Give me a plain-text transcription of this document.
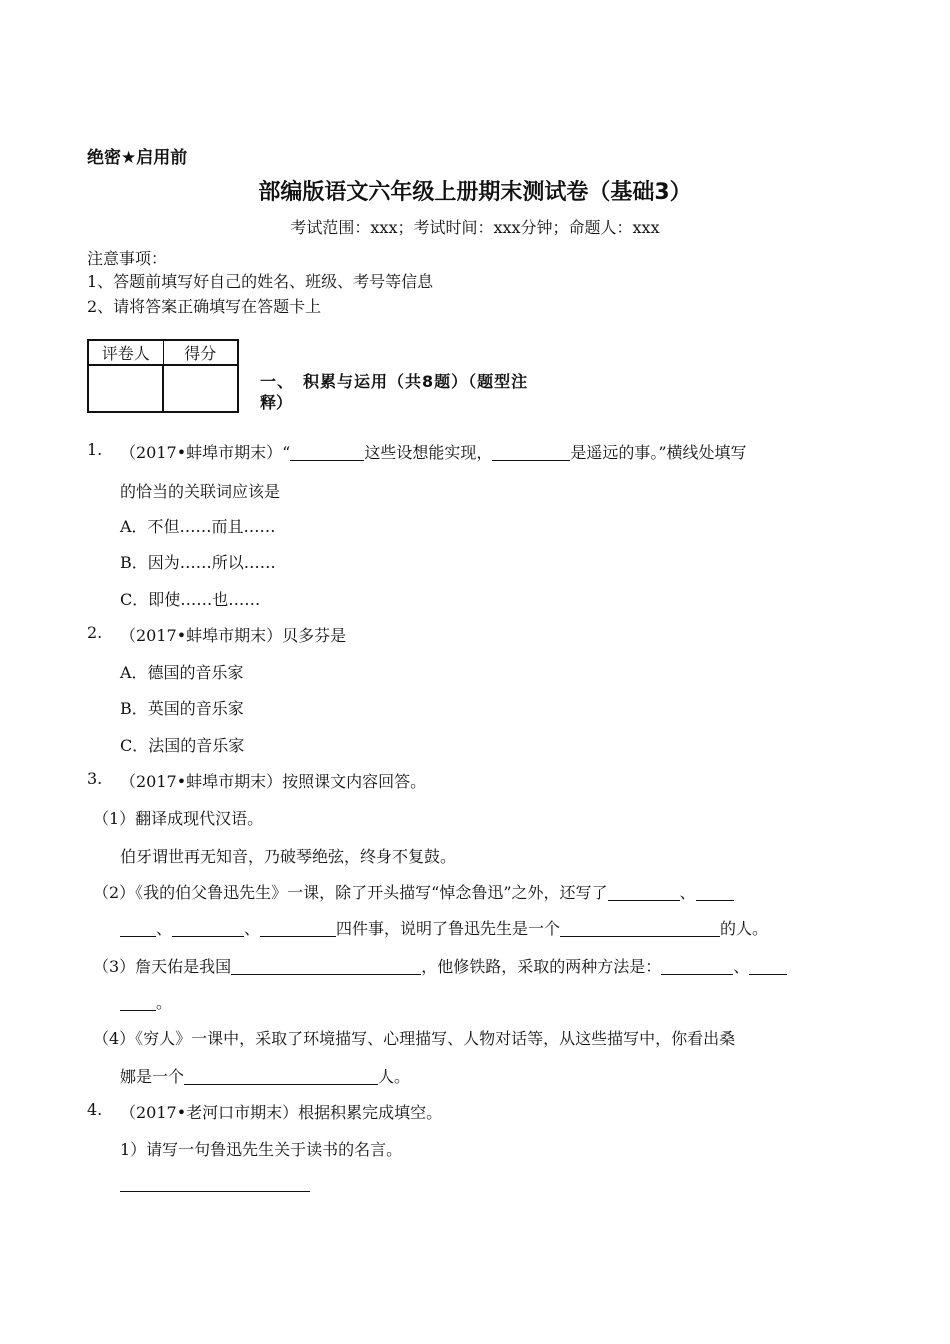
绝密★启用前
部编版语文六年级上册期末测试卷（基础3）
考试范围：xxx；考试时间：xxx分钟；命题人：xxx
注意事项：
1、答题前填写好自己的姓名、班级、考号等信息
2、请将答案正确填写在答题卡上
评卷人	得分

一、　积累与运用（共8题）（题型注
释）
1. （2017•蚌埠市期末）“	这些设想能实现，	是遥远的事。”横线处填写
的恰当的关联词应该是
A．不但……而且……
B．因为……所以……
C．即使……也……
2. （2017•蚌埠市期末）贝多芬是
A．德国的音乐家
B．英国的音乐家
C．法国的音乐家
3. （2017•蚌埠市期末）按照课文内容回答。
（1）翻译成现代汉语。
伯牙谓世再无知音，乃破琴绝弦，终身不复鼓。
（2）《我的伯父鲁迅先生》一课，除了开头描写“悼念鲁迅”之外，还写了	、
、	、	四件事，说明了鲁迅先生是一个	的人。
（3）詹天佑是我国	，他修铁路，采取的两种方法是：	、
。
（4）《穷人》一课中，采取了环境描写、心理描写、人物对话等，从这些描写中，你看出桑
娜是一个	人。
4. （2017•老河口市期末）根据积累完成填空。
1）请写一句鲁迅先生关于读书的名言。
